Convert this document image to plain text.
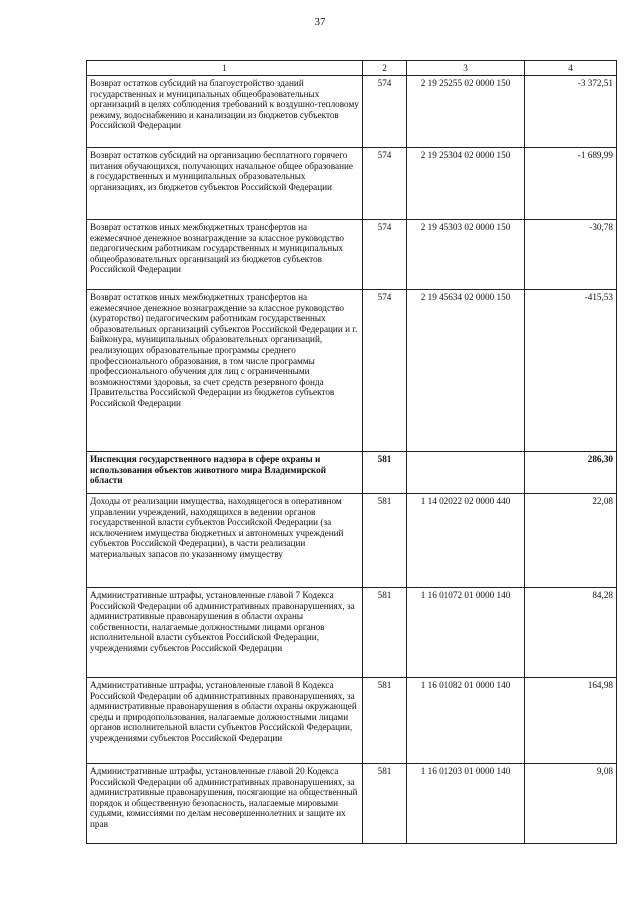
37
1	2	3	4
Возврат остатков субсидий на благоустройство зданий государственных и муниципальных общеобразовательных организаций в целях соблюдения требований к воздушно-тепловому режиму, водоснабжению и канализации из бюджетов субъектов Российской Федерации	574	2 19 25255 02 0000 150	-3 372,51
Возврат остатков субсидий на организацию бесплатного горячего питания обучающихся, получающих начальное общее образование в государственных и муниципальных образовательных организациях, из бюджетов субъектов Российской Федерации	574	2 19 25304 02 0000 150	-1 689,99
Возврат остатков иных межбюджетных трансфертов на ежемесячное денежное вознаграждение за классное руководство педагогическим работникам государственных и муниципальных общеобразовательных организаций из бюджетов субъектов Российской Федерации	574	2 19 45303 02 0000 150	-30,78
Возврат остатков иных межбюджетных трансфертов на ежемесячное денежное вознаграждение за классное руководство (кураторство) педагогическим работникам государственных образовательных организаций субъектов Российской Федерации и г. Байконура, муниципальных образовательных организаций, реализующих образовательные программы среднего профессионального образования, в том числе программы профессионального обучения для лиц с ограниченными возможностями здоровья, за счет средств резервного фонда Правительства Российской Федерации из бюджетов субъектов Российской Федерации	574	2 19 45634 02 0000 150	-415,53
Инспекция государственного надзора в сфере охраны и использования объектов животного мира Владимирской области	581		286,30
Доходы от реализации имущества, находящегося в оперативном управлении учреждений, находящихся в ведении органов государственной власти субъектов Российской Федерации (за исключением имущества бюджетных и автономных учреждений субъектов Российской Федерации), в части реализации материальных запасов по указанному имуществу	581	1 14 02022 02 0000 440	22,08
Административные штрафы, установленные главой 7 Кодекса Российской Федерации об административных правонарушениях, за административные правонарушения в области охраны собственности, налагаемые должностными лицами органов исполнительной власти субъектов Российской Федерации, учреждениями субъектов Российской Федерации	581	1 16 01072 01 0000 140	84,28
Административные штрафы, установленные главой 8 Кодекса Российской Федерации об административных правонарушениях, за административные правонарушения в области охраны окружающей среды и природопользования, налагаемые должностными лицами органов исполнительной власти субъектов Российской Федерации, учреждениями субъектов Российской Федерации	581	1 16 01082 01 0000 140	164,98
Административные штрафы, установленные главой 20 Кодекса Российской Федерации об административных правонарушениях, за административные правонарушения, посягающие на общественный порядок и общественную безопасность, налагаемые мировыми судьями, комиссиями по делам несовершеннолетних и защите их прав	581	1 16 01203 01 0000 140	9,08
